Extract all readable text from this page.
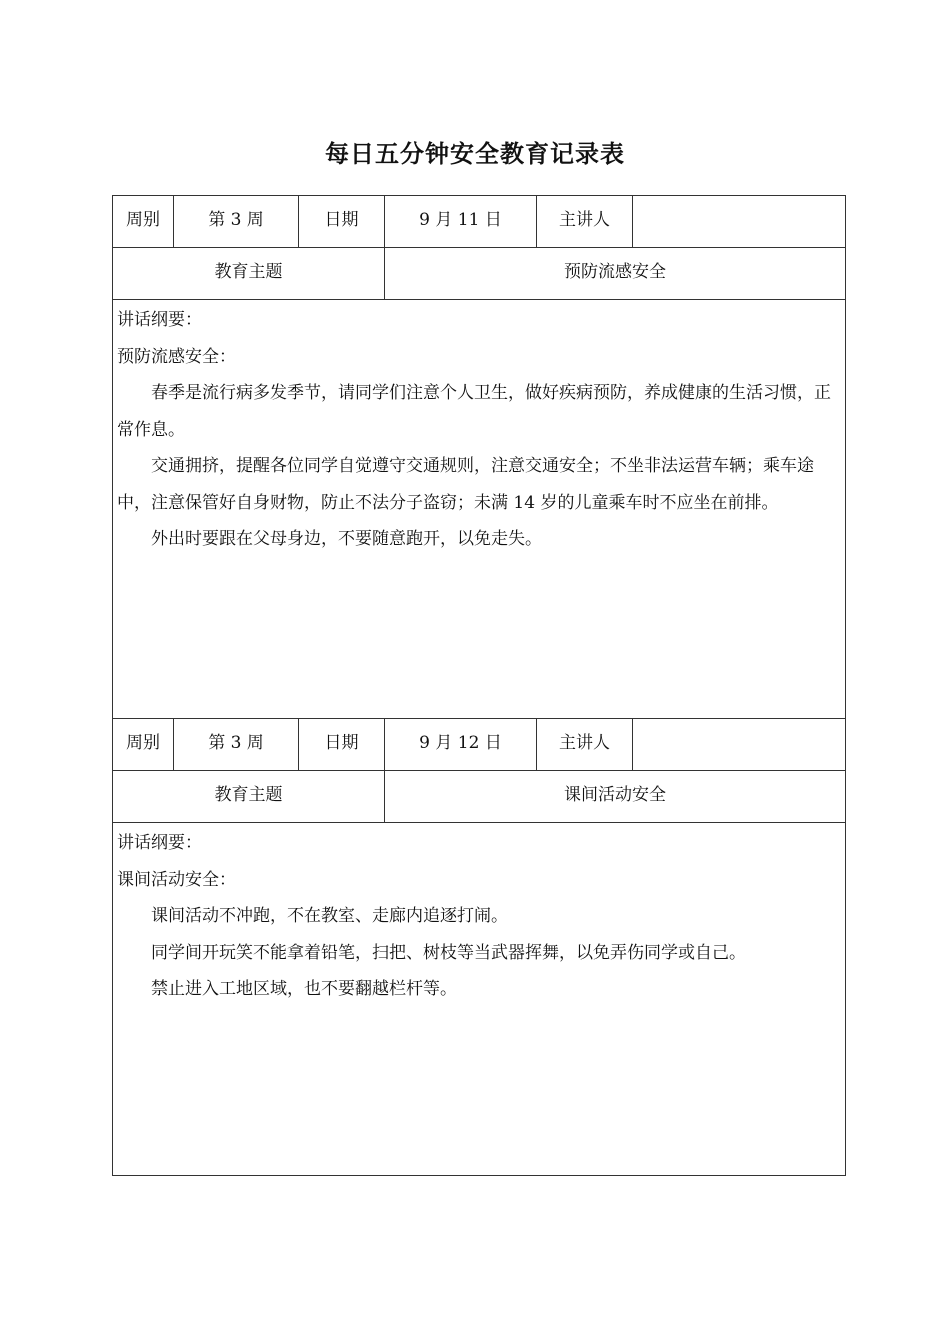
每日五分钟安全教育记录表
周别	第 3 周	日期	9 月 11 日	主讲人	
教育主题			预防流感安全		

讲话纲要：
预防流感安全：
春季是流行病多发季节，请同学们注意个人卫生，做好疾病预防，养成健康的生活习惯，正常作息。
交通拥挤，提醒各位同学自觉遵守交通规则，注意交通安全；不坐非法运营车辆；乘车途中，注意保管好自身财物，防止不法分子盗窃；未满 14 岁的儿童乘车时不应坐在前排。
外出时要跟在父母身边，不要随意跑开，以免走失。					

周别	第 3 周	日期	9 月 12 日	主讲人	
教育主题			课间活动安全		

讲话纲要：
课间活动安全：
课间活动不冲跑，不在教室、走廊内追逐打闹。
同学间开玩笑不能拿着铅笔，扫把、树枝等当武器挥舞，以免弄伤同学或自己。
禁止进入工地区域，也不要翻越栏杆等。					
